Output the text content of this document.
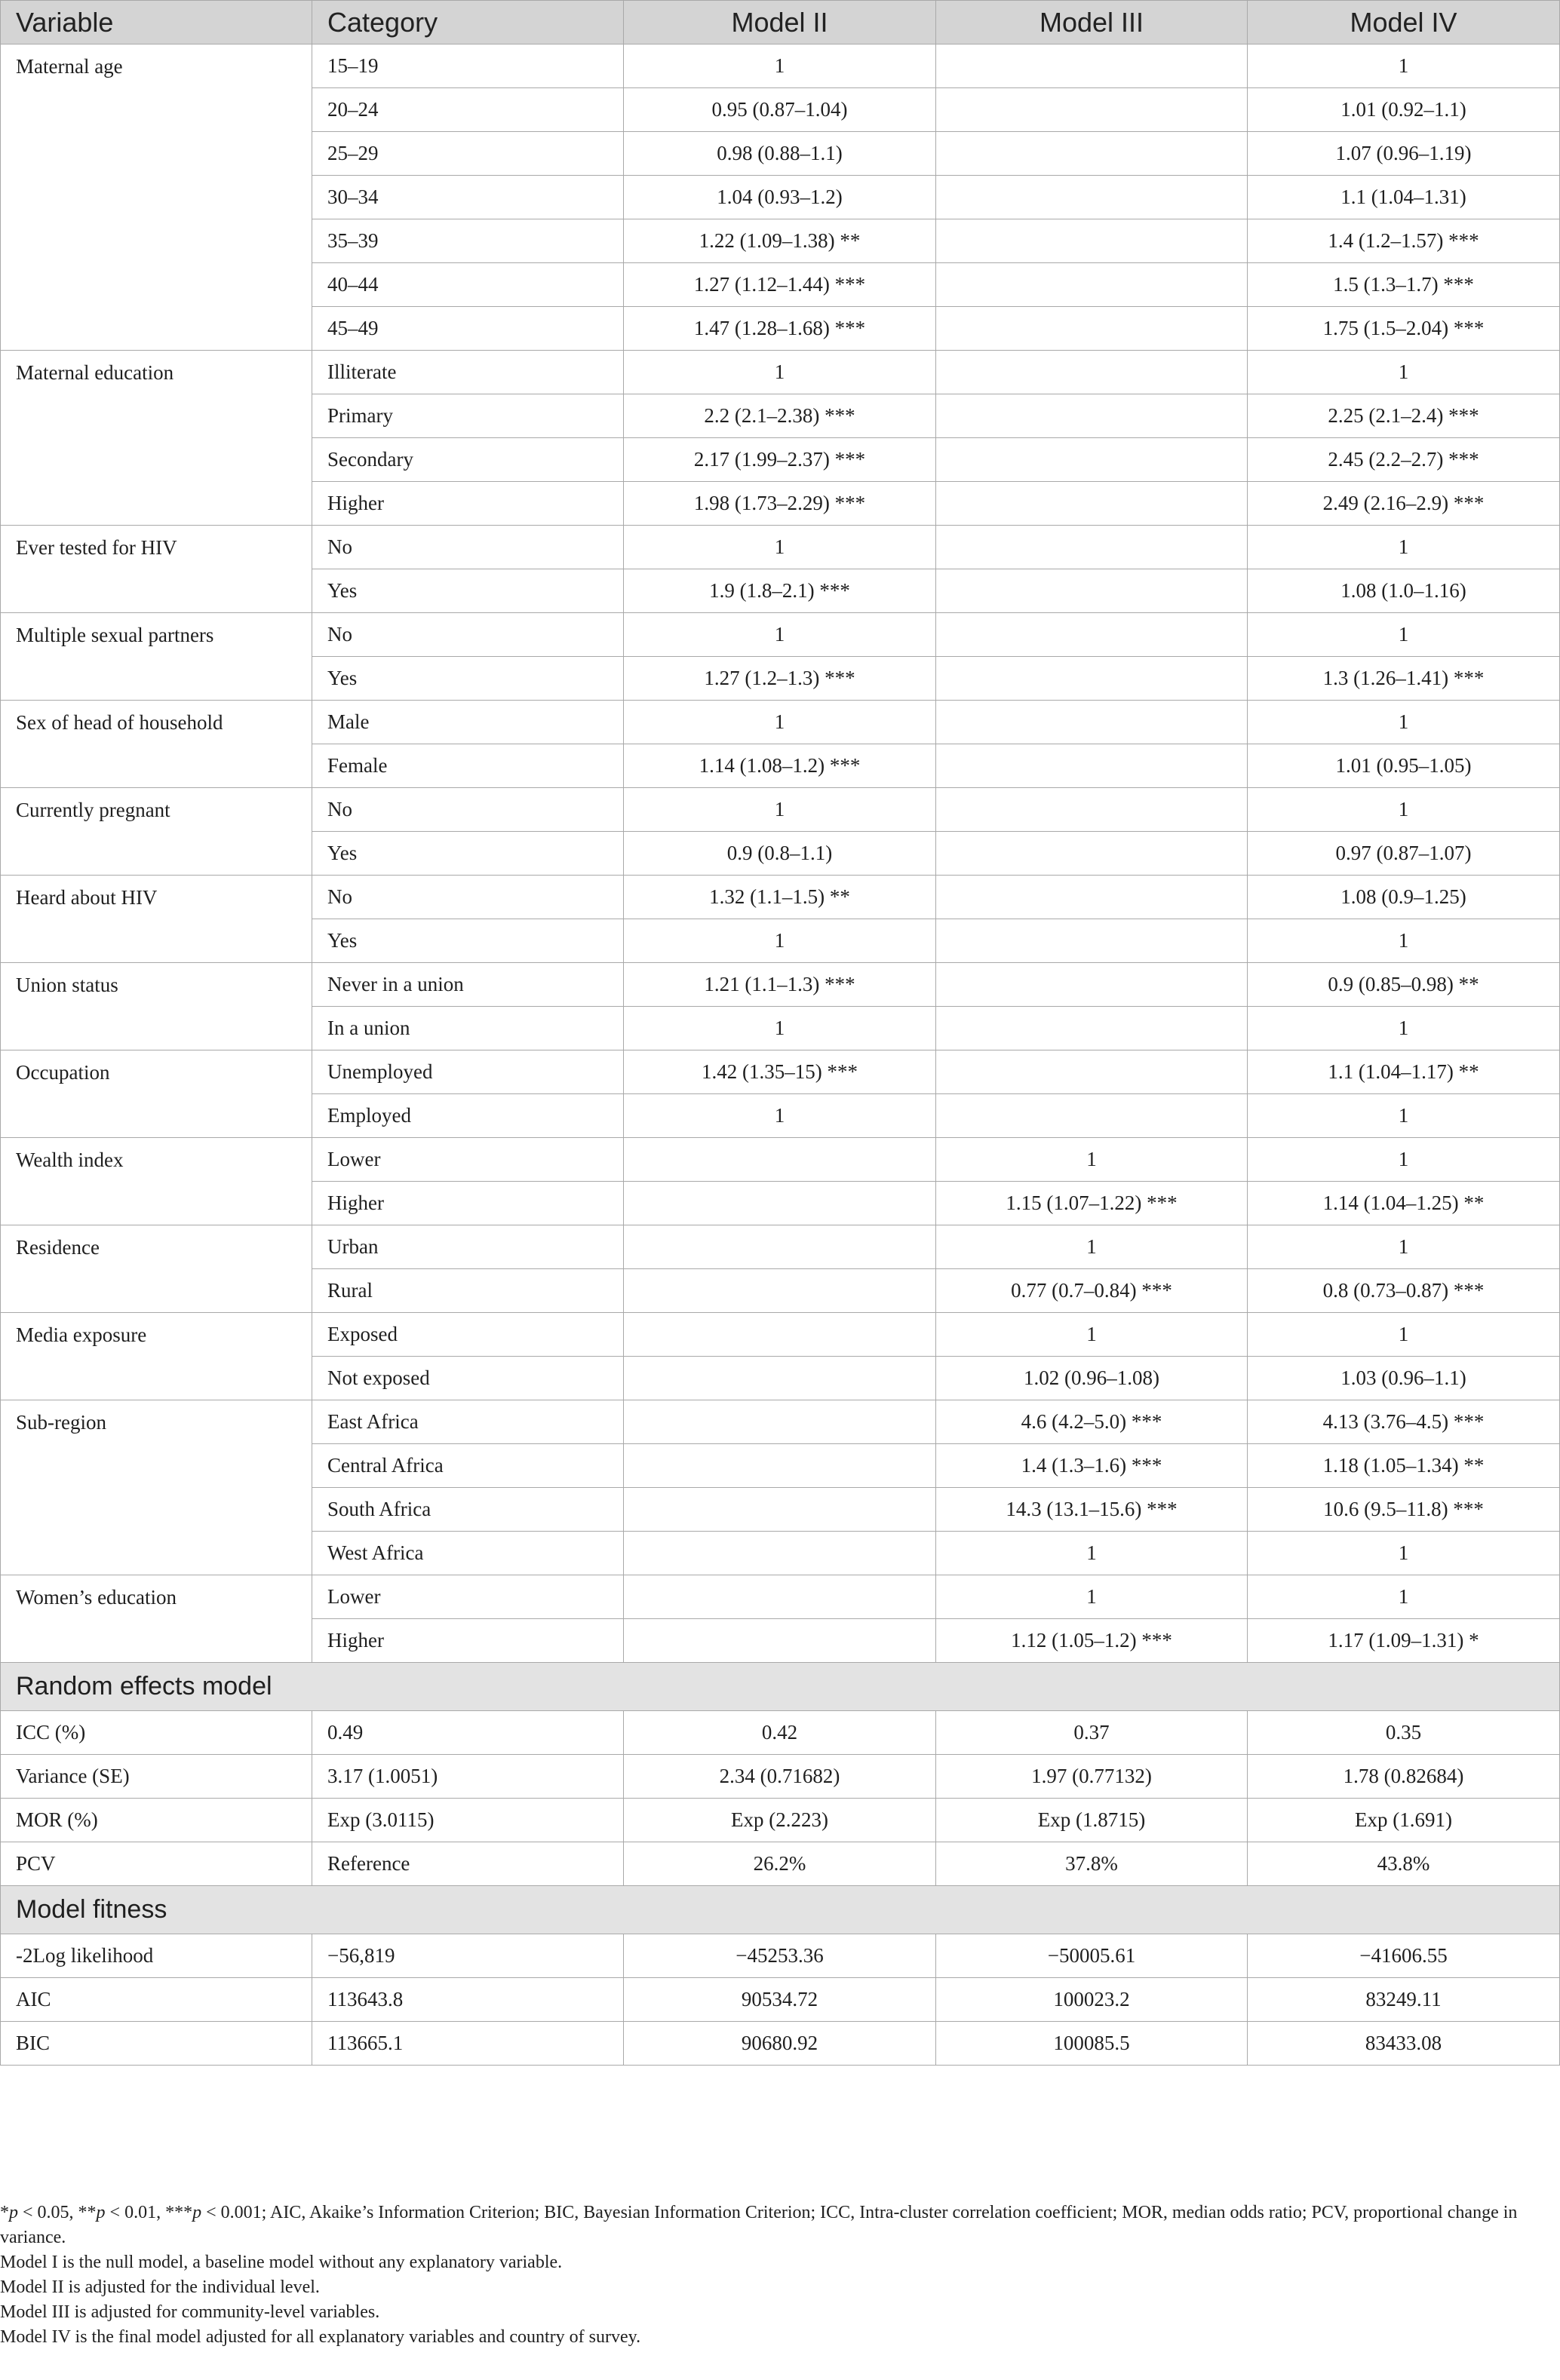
Variable	Category	Model II	Model III	Model IV
Maternal age	15–19	1		1
	20–24	0.95 (0.87–1.04)		1.01 (0.92–1.1)
	25–29	0.98 (0.88–1.1)		1.07 (0.96–1.19)
	30–34	1.04 (0.93–1.2)		1.1 (1.04–1.31)
	35–39	1.22 (1.09–1.38) **		1.4 (1.2–1.57) ***
	40–44	1.27 (1.12–1.44) ***		1.5 (1.3–1.7) ***
	45–49	1.47 (1.28–1.68) ***		1.75 (1.5–2.04) ***
Maternal education	Illiterate	1		1
	Primary	2.2 (2.1–2.38) ***		2.25 (2.1–2.4) ***
	Secondary	2.17 (1.99–2.37) ***		2.45 (2.2–2.7) ***
	Higher	1.98 (1.73–2.29) ***		2.49 (2.16–2.9) ***
Ever tested for HIV	No	1		1
	Yes	1.9 (1.8–2.1) ***		1.08 (1.0–1.16)
Multiple sexual partners	No	1		1
	Yes	1.27 (1.2–1.3) ***		1.3 (1.26–1.41) ***
Sex of head of household	Male	1		1
	Female	1.14 (1.08–1.2) ***		1.01 (0.95–1.05)
Currently pregnant	No	1		1
	Yes	0.9 (0.8–1.1)		0.97 (0.87–1.07)
Heard about HIV	No	1.32 (1.1–1.5) **		1.08 (0.9–1.25)
	Yes	1		1
Union status	Never in a union	1.21 (1.1–1.3) ***		0.9 (0.85–0.98) **
	In a union	1		1
Occupation	Unemployed	1.42 (1.35–15) ***		1.1 (1.04–1.17) **
	Employed	1		1
Wealth index	Lower		1	1
	Higher		1.15 (1.07–1.22) ***	1.14 (1.04–1.25) **
Residence	Urban		1	1
	Rural		0.77 (0.7–0.84) ***	0.8 (0.73–0.87) ***
Media exposure	Exposed		1	1
	Not exposed		1.02 (0.96–1.08)	1.03 (0.96–1.1)
Sub-region	East Africa		4.6 (4.2–5.0) ***	4.13 (3.76–4.5) ***
	Central Africa		1.4 (1.3–1.6) ***	1.18 (1.05–1.34) **
	South Africa		14.3 (13.1–15.6) ***	10.6 (9.5–11.8) ***
	West Africa		1	1
Women’s education	Lower		1	1
	Higher		1.12 (1.05–1.2) ***	1.17 (1.09–1.31) *
Random effects model				
ICC (%)	0.49	0.42	0.37	0.35
Variance (SE)	3.17 (1.0051)	2.34 (0.71682)	1.97 (0.77132)	1.78 (0.82684)
MOR (%)	Exp (3.0115)	Exp (2.223)	Exp (1.8715)	Exp (1.691)
PCV	Reference	26.2%	37.8%	43.8%
Model fitness				
-2Log likelihood	−56,819	−45253.36	−50005.61	−41606.55
AIC	113643.8	90534.72	100023.2	83249.11
BIC	113665.1	90680.92	100085.5	83433.08

*p < 0.05, **p < 0.01, ***p < 0.001; AIC, Akaike’s Information Criterion; BIC, Bayesian Information Criterion; ICC, Intra-cluster correlation coefficient; MOR, median odds ratio; PCV, proportional change in variance.

Model I is the null model, a baseline model without any explanatory variable.

Model II is adjusted for the individual level.

Model III is adjusted for community-level variables.

Model IV is the final model adjusted for all explanatory variables and country of survey.
